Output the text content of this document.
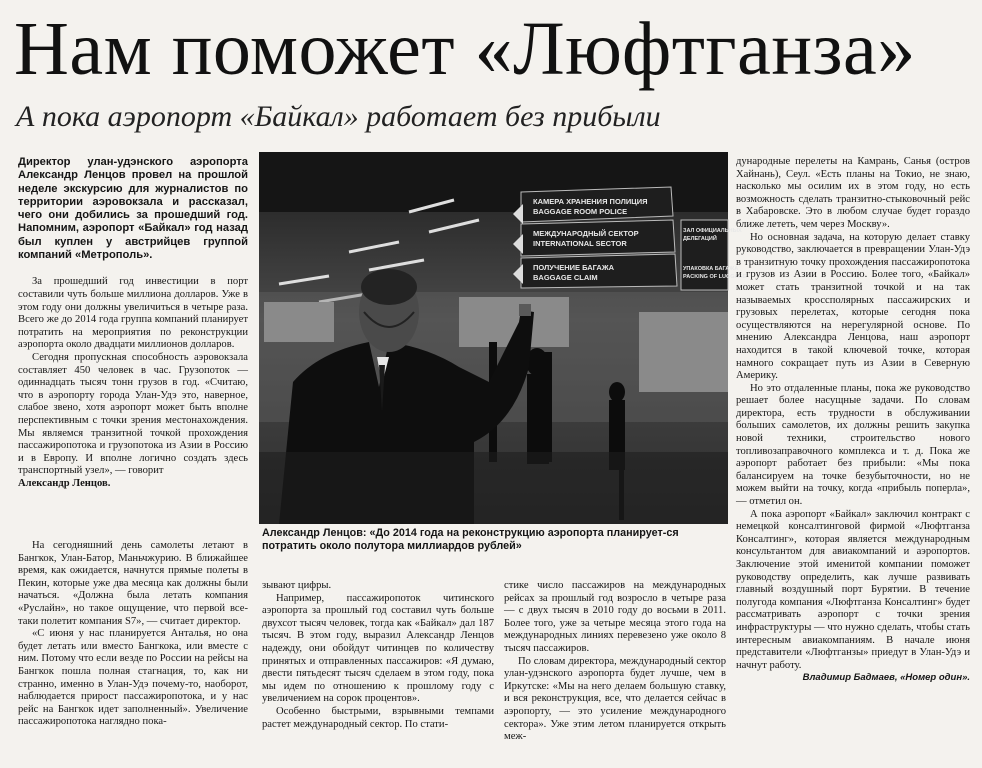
Нам поможет «Люфтганза»
А пока аэропорт «Байкал» работает без прибыли

Директор улан-удэнского аэропорта Александр Ленцов провел на прошлой неделе экскурсию для журналистов по территории аэровокзала и рассказал, чего они добились за прошедший год. Напомним, аэропорт «Байкал» год назад был куплен у австрийцев группой компаний «Метрополь».

За прошедший год инвестиции в порт составили чуть больше миллиона долларов. Уже в этом году они должны увеличиться в четыре раза. Всего же до 2014 года группа компаний планирует потратить на мероприятия по реконструкции аэропорта около двадцати миллионов долларов.

Сегодня пропускная способность аэровокзала составляет 450 человек в час. Грузопоток — одиннадцать тысяч тонн грузов в год. «Считаю, что в аэропорту города Улан-Удэ это, наверное, слабое звено, хотя аэропорт может быть вполне перспективным с точки зрения местонахождения. Мы являемся транзитной точкой прохождения пассажиропотока и грузопотока из Азии в Россию и в Европу. И вполне логично создать здесь транспортный узел», — говорит

Александр Ленцов.

На сегодняшний день самолеты летают в Бангкок, Улан-Батор, Маньчжурию. В ближайшее время, как ожидается, начнутся прямые полеты в Пекин, которые уже два месяца как должны были начаться. «Должна была летать компания «Руслайн», но такое ощущение, что первой все-таки полетит компания S7», — считает директор.

«С июня у нас планируется Анталья, но она будет летать или вместо Бангкока, или вместе с ним. Потому что если везде по России на рейсы на Бангкок пошла полная стагнация, то, как ни странно, именно в Улан-Удэ почему-то, наоборот, наблюдается прирост пассажиропотока, и у нас рейс на Бангкок идет заполненный». Увеличение пассажиропотока наглядно пока-

КАМЕРА ХРАНЕНИЯ ПОЛИЦИЯ
BAGGAGE ROOM POLICE
МЕЖДУНАРОДНЫЙ СЕКТОР
INTERNATIONAL SECTOR
ПОЛУЧЕНИЕ БАГАЖА
BAGGAGE CLAIM
ЗАЛ ОФИЦИАЛЬНЫХ
ДЕЛЕГАЦИЙ
УПАКОВКА БАГАЖА
PACKING OF LUGGAGE
Александр Ленцов: «До 2014 года на реконструкцию аэропорта планирует-ся потратить около полутора миллиардов рублей»

зывают цифры.

Например, пассажиропоток читинского аэропорта за прошлый год составил чуть больше двухсот тысяч человек, тогда как «Байкал» дал 187 тысяч. В этом году, выразил Александр Ленцов надежду, они обойдут читинцев по количеству принятых и отправленных пассажиров: «Я думаю, двести пятьдесят тысяч сделаем в этом году, пока мы идем по отношению к прошлому году с увеличением на сорок процентов».

Особенно быстрыми, взрывными темпами растет международный сектор. По стати-

стике число пассажиров на международных рейсах за прошлый год возросло в четыре раза — с двух тысяч в 2010 году до восьми в 2011. Более того, уже за четыре месяца этого года на международных линиях перевезено уже около 8 тысяч пассажиров.

По словам директора, международный сектор улан-удэнского аэропорта будет лучше, чем в Иркутске: «Мы на него делаем большую ставку, и вся реконструкция, все, что делается сейчас в аэропорту, — это усиление международного сектора». Уже этим летом планируется открыть меж-

дународные перелеты на Камрань, Санья (остров Хайнань), Сеул. «Есть планы на Токио, не знаю, насколько мы осилим их в этом году, но есть возможность сделать транзитно-стыковочный рейс в Хабаровске. Это в любом случае будет гораздо ближе лететь, чем через Москву».

Но основная задача, на которую делает ставку руководство, заключается в превращении Улан-Удэ в транзитную точку прохождения пассажиропотока и грузов из Азии в Россию. Более того, «Байкал» может стать транзитной точкой и на так называемых кроссполярных пассажирских и грузовых перелетах, которые сегодня пока осуществляются на нерегулярной основе. По мнению Александра Ленцова, наш аэропорт находится в такой ключевой точке, которая намного сокращает путь из Азии в Северную Америку.

Но это отдаленные планы, пока же руководство решает более насущные задачи. По словам директора, есть трудности в обслуживании больших самолетов, их должны решить закупка новой техники, строительство нового топливозаправочного комплекса и т. д. Пока же аэропорт работает без прибыли: «Мы пока балансируем на точке безубыточности, но не можем выйти на точку, когда «прибыль поперла», — отметил он.

А пока аэропорт «Байкал» заключил контракт с немецкой консалтинговой фирмой «Люфтганза Консалтинг», которая является международным консультантом для авиакомпаний и аэропортов. Заключение этой именитой компании поможет руководству определить, как лучше развивать главный воздушный порт Бурятии. В течение полугода компания «Люфтганза Консалтинг» будет рассматривать аэропорт с точки зрения инфраструктуры — что нужно сделать, чтобы стать интересным авиакомпаниям. В начале июня представители «Люфтганзы» приедут в Улан-Удэ и начнут работу.

Владимир Бадмаев, «Номер один».
